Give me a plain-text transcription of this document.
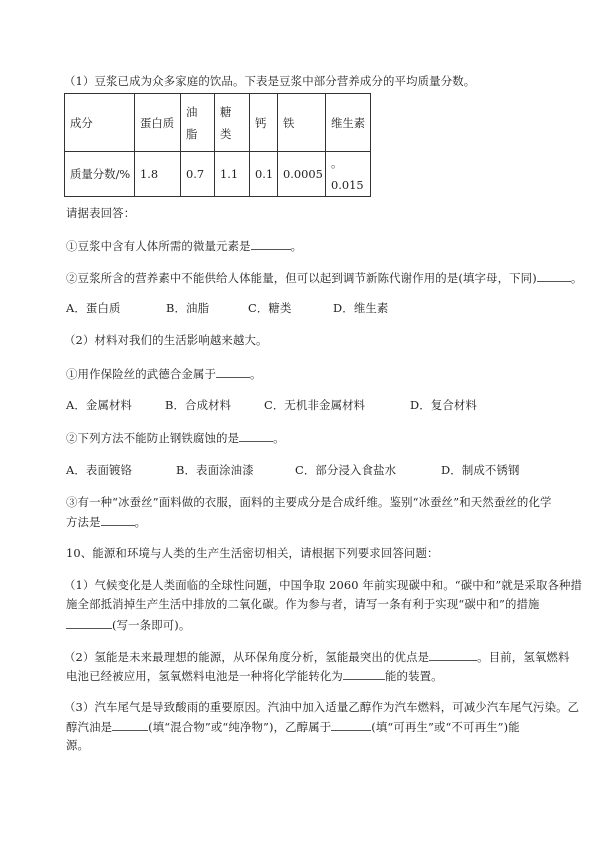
（1）豆浆已成为众多家庭的饮品。下表是豆浆中部分营养成分的平均质量分数。
成分	蛋白质	油脂	糖类	钙	铁	维生素
质量分数/%	1.8	0.7	1.1	0.1	0.0005	。0.015
请据表回答：
①豆浆中含有人体所需的微量元素是	。
②豆浆所含的营养素中不能供给人体能量，但可以起到调节新陈代谢作用的是(填字母，下同)	。
A．蛋白质	B．油脂	C．糖类	D．维生素
（2）材料对我们的生活影响越来越大。
①用作保险丝的武德合金属于	。
A．金属材料	B．合成材料	C．无机非金属材料	D．复合材料
②下列方法不能防止钢铁腐蚀的是	。
A．表面镀铬	B．表面涂油漆	C．部分浸入食盐水	D．制成不锈钢
③有一种“冰蚕丝”面料做的衣服，面料的主要成分是合成纤维。鉴别“冰蚕丝”和天然蚕丝的化学
方法是	。
10、能源和环境与人类的生产生活密切相关，请根据下列要求回答问题：
（1）气候变化是人类面临的全球性问题，中国争取 2060 年前实现碳中和。“碳中和”就是采取各种措
施全部抵消掉生产生活中排放的二氧化碳。作为参与者，请写一条有利于实现“碳中和”的措施
(写一条即可)。
（2）氢能是未来最理想的能源，从环保角度分析，氢能最突出的优点是	。目前，氢氧燃料
电池已经被应用，氢氧燃料电池是一种将化学能转化为	能的装置。
（3）汽车尾气是导致酸雨的重要原因。汽油中加入适量乙醇作为汽车燃料，可减少汽车尾气污染。乙
醇汽油是	(填“混合物”或“纯净物”)，乙醇属于	(填“可再生”或“不可再生”)能
源。
